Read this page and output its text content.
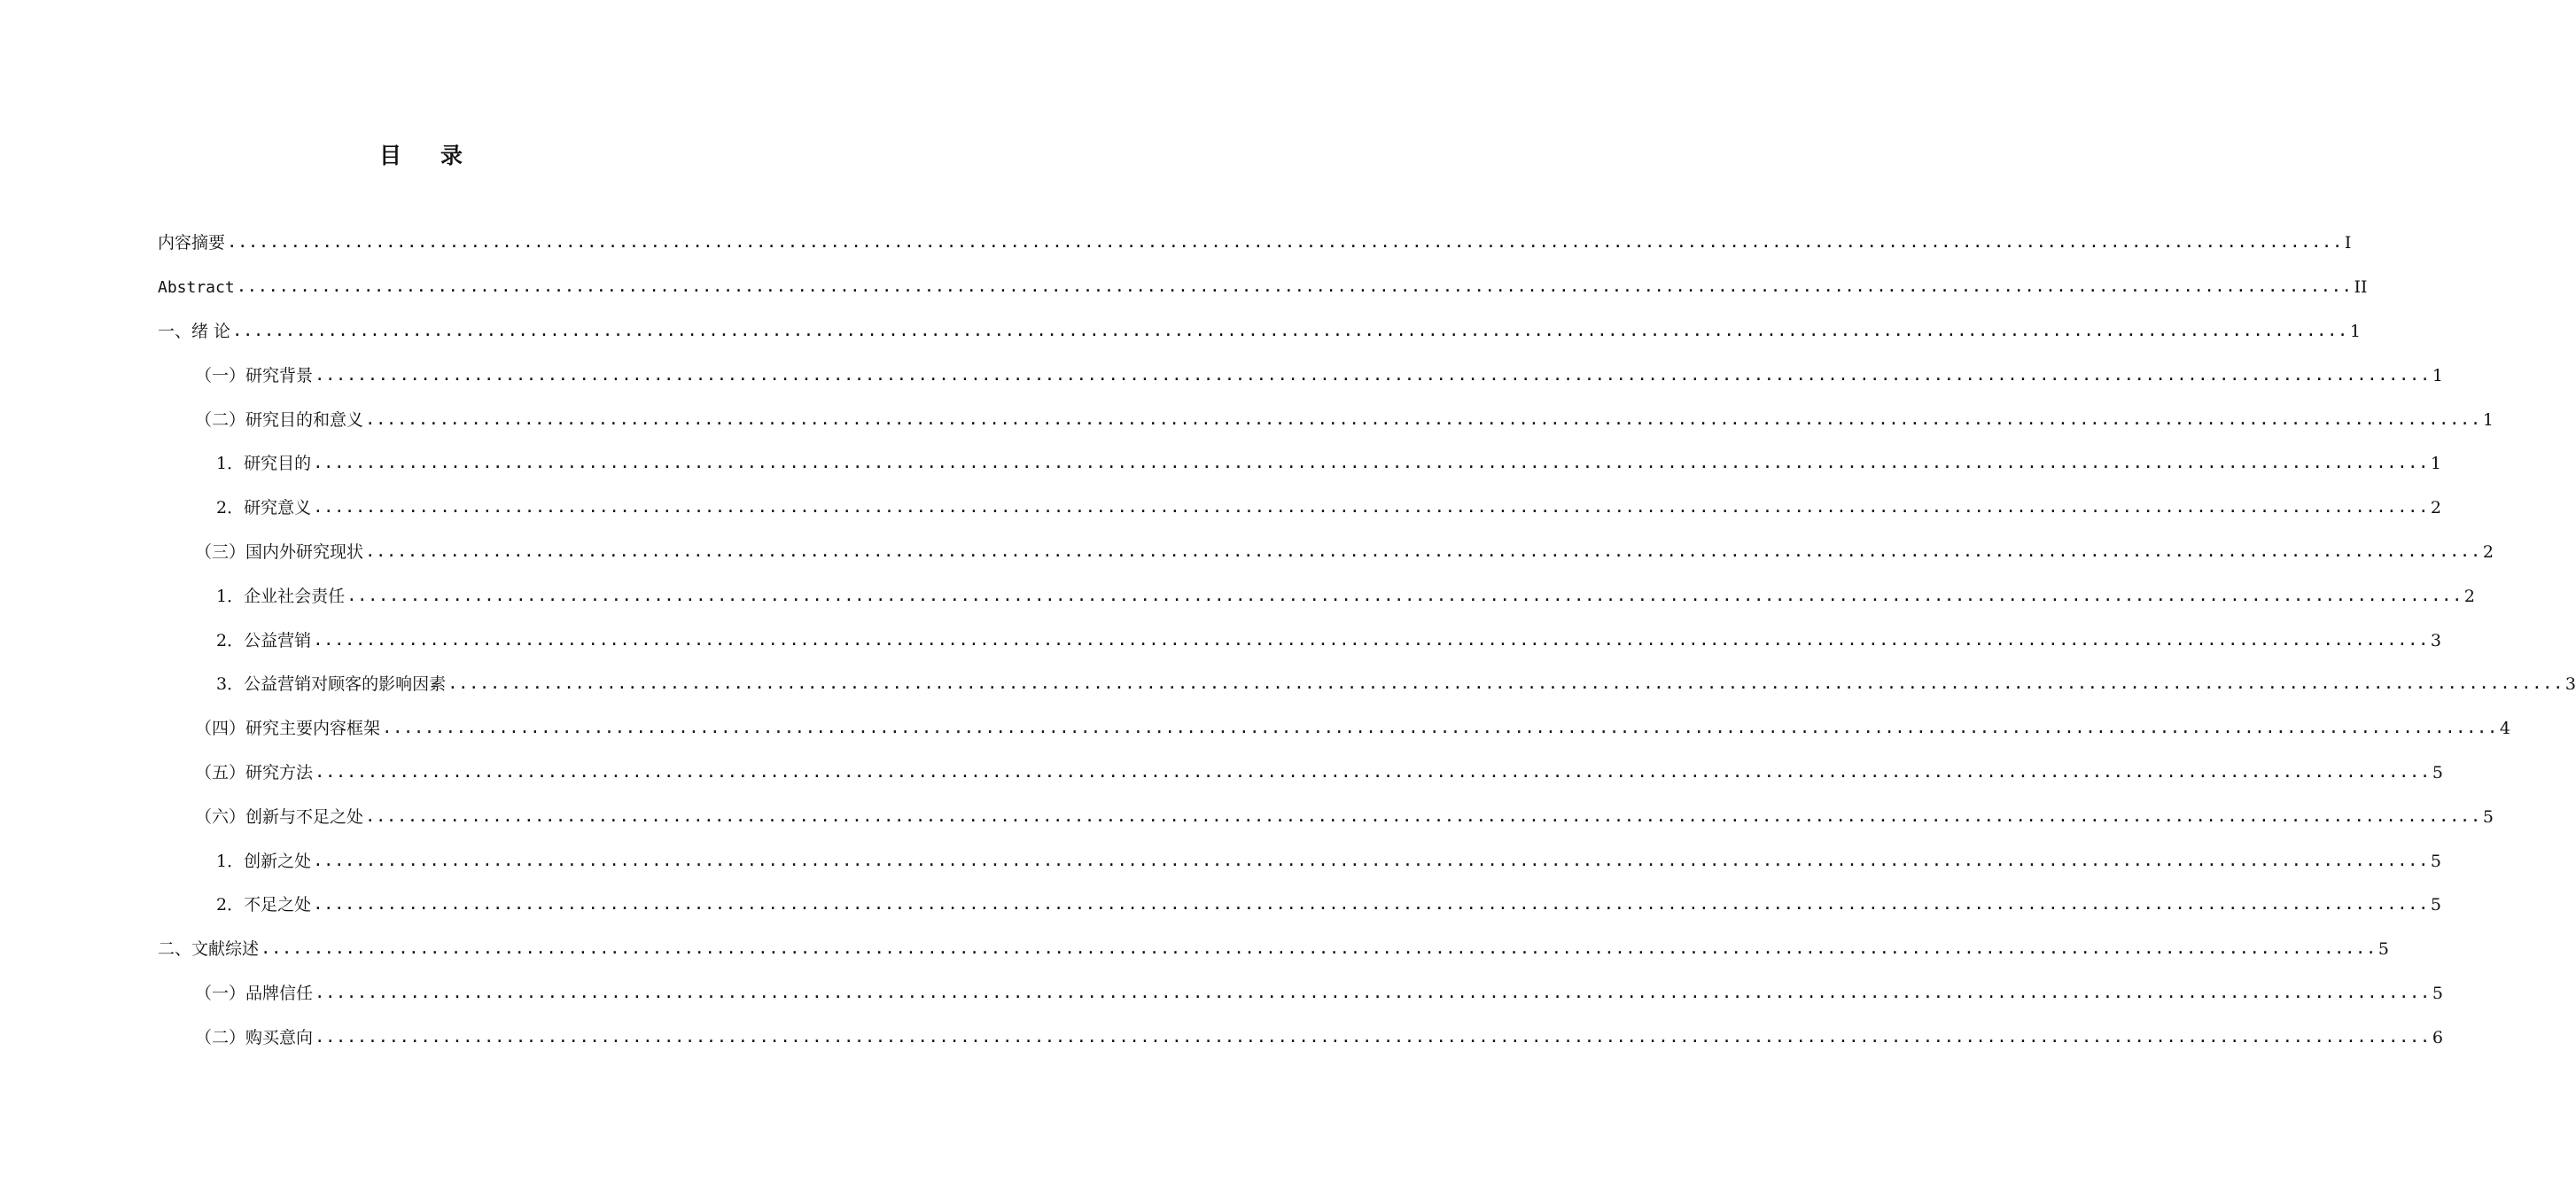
目 录
内容摘要 ........................................................................................................................................................................................................ I
Abstract ........................................................................................................................................................................................................ II
一、绪 论 ........................................................................................................................................................................................................ 1
（一）研究背景 ........................................................................................................................................................................................................ 1
（二）研究目的和意义 ........................................................................................................................................................................................................ 1
1．研究目的 ........................................................................................................................................................................................................ 1
2．研究意义 ........................................................................................................................................................................................................ 2
（三）国内外研究现状 ........................................................................................................................................................................................................ 2
1．企业社会责任 ........................................................................................................................................................................................................ 2
2．公益营销 ........................................................................................................................................................................................................ 3
3．公益营销对顾客的影响因素 ........................................................................................................................................................................................................ 3
（四）研究主要内容框架 ........................................................................................................................................................................................................ 4
（五）研究方法 ........................................................................................................................................................................................................ 5
（六）创新与不足之处 ........................................................................................................................................................................................................ 5
1．创新之处 ........................................................................................................................................................................................................ 5
2．不足之处 ........................................................................................................................................................................................................ 5
二、文献综述 ........................................................................................................................................................................................................ 5
（一）品牌信任 ........................................................................................................................................................................................................ 5
（二）购买意向 ........................................................................................................................................................................................................ 6
